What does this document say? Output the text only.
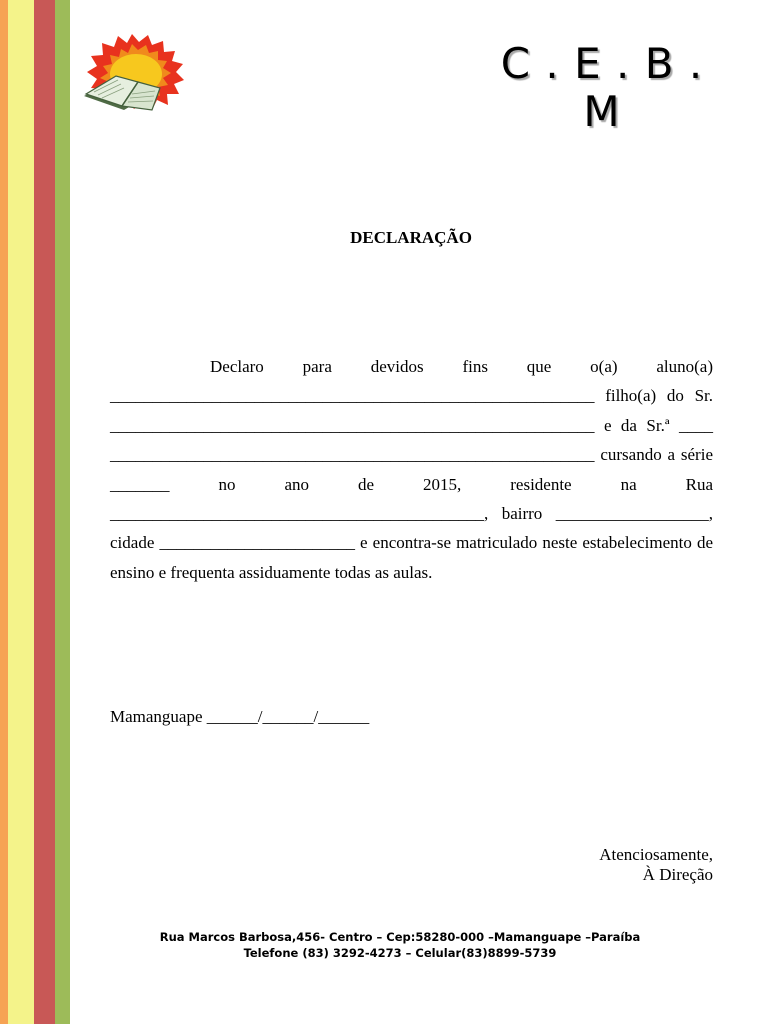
C . E . B . M
DECLARAÇÃO

Declaro para devidos fins que o(a) aluno(a) _________________________________________________________ filho(a) do Sr. _________________________________________________________ e da Sr.ª ____ _________________________________________________________ cursando a série _______ no ano de 2015, residente na Rua ____________________________________________, bairro __________________, cidade _______________________ e encontra-se matriculado neste estabelecimento de ensino e frequenta assiduamente todas as aulas.

Mamanguape ______/______/______
Atenciosamente,
À Direção
Rua Marcos Barbosa,456- Centro – Cep:58280-000 –Mamanguape –Paraíba
Telefone (83) 3292-4273 – Celular(83)8899-5739
